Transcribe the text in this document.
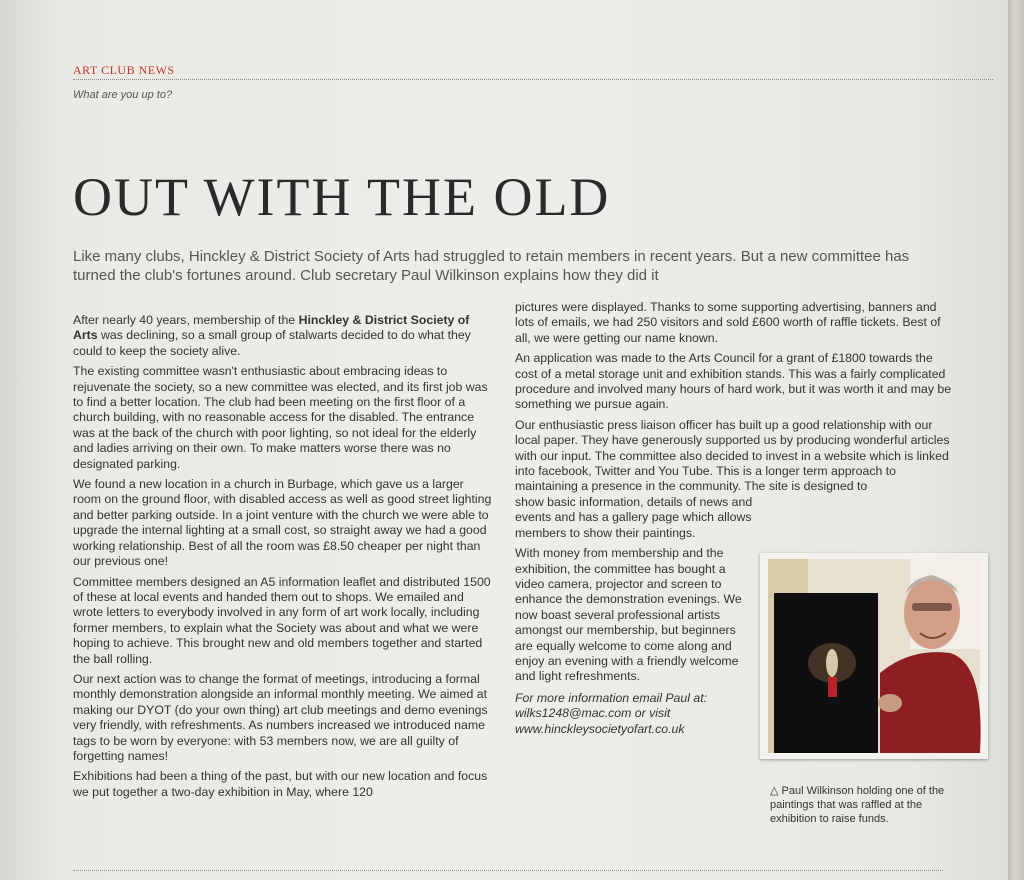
ART CLUB NEWS
What are you up to?
OUT WITH THE OLD

Like many clubs, Hinckley & District Society of Arts had struggled to retain members in recent years. But a new committee has turned the club's fortunes around. Club secretary Paul Wilkinson explains how they did it

After nearly 40 years, membership of the Hinckley & District Society of Arts was declining, so a small group of stalwarts decided to do what they could to keep the society alive.

The existing committee wasn't enthusiastic about embracing ideas to rejuvenate the society, so a new committee was elected, and its first job was to find a better location. The club had been meeting on the first floor of a church building, with no reasonable access for the disabled. The entrance was at the back of the church with poor lighting, so not ideal for the elderly and ladies arriving on their own. To make matters worse there was no designated parking.

We found a new location in a church in Burbage, which gave us a larger room on the ground floor, with disabled access as well as good street lighting and better parking outside. In a joint venture with the church we were able to upgrade the internal lighting at a small cost, so straight away we had a good working relationship. Best of all the room was £8.50 cheaper per night than our previous one!

Committee members designed an A5 information leaflet and distributed 1500 of these at local events and handed them out to shops. We emailed and wrote letters to everybody involved in any form of art work locally, including former members, to explain what the Society was about and what we were hoping to achieve. This brought new and old members together and started the ball rolling.

Our next action was to change the format of meetings, introducing a formal monthly demonstration alongside an informal monthly meeting. We aimed at making our DYOT (do your own thing) art club meetings and demo evenings very friendly, with refreshments. As numbers increased we introduced name tags to be worn by everyone: with 53 members now, we are all guilty of forgetting names!

Exhibitions had been a thing of the past, but with our new location and focus we put together a two-day exhibition in May, where 120

pictures were displayed. Thanks to some supporting advertising, banners and lots of emails, we had 250 visitors and sold £600 worth of raffle tickets. Best of all, we were getting our name known.

An application was made to the Arts Council for a grant of £1800 towards the cost of a metal storage unit and exhibition stands. This was a fairly complicated procedure and involved many hours of hard work, but it was worth it and may be something we pursue again.

Our enthusiastic press liaison officer has built up a good relationship with our local paper. They have generously supported us by producing wonderful articles with our input. The committee also decided to invest in a website which is linked into facebook, Twitter and You Tube. This is a longer term approach to maintaining a presence in the community. The site is designed to

show basic information, details of news and events and has a gallery page which allows members to show their paintings.

With money from membership and the exhibition, the committee has bought a video camera, projector and screen to enhance the demonstration evenings. We now boast several professional artists amongst our membership, but beginners are equally welcome to come along and enjoy an evening with a friendly welcome and light refreshments.

For more information email Paul at:
wilks1248@mac.com or visit
www.hinckleysocietyofart.co.uk
△ Paul Wilkinson holding one of the paintings that was raffled at the exhibition to raise funds.
